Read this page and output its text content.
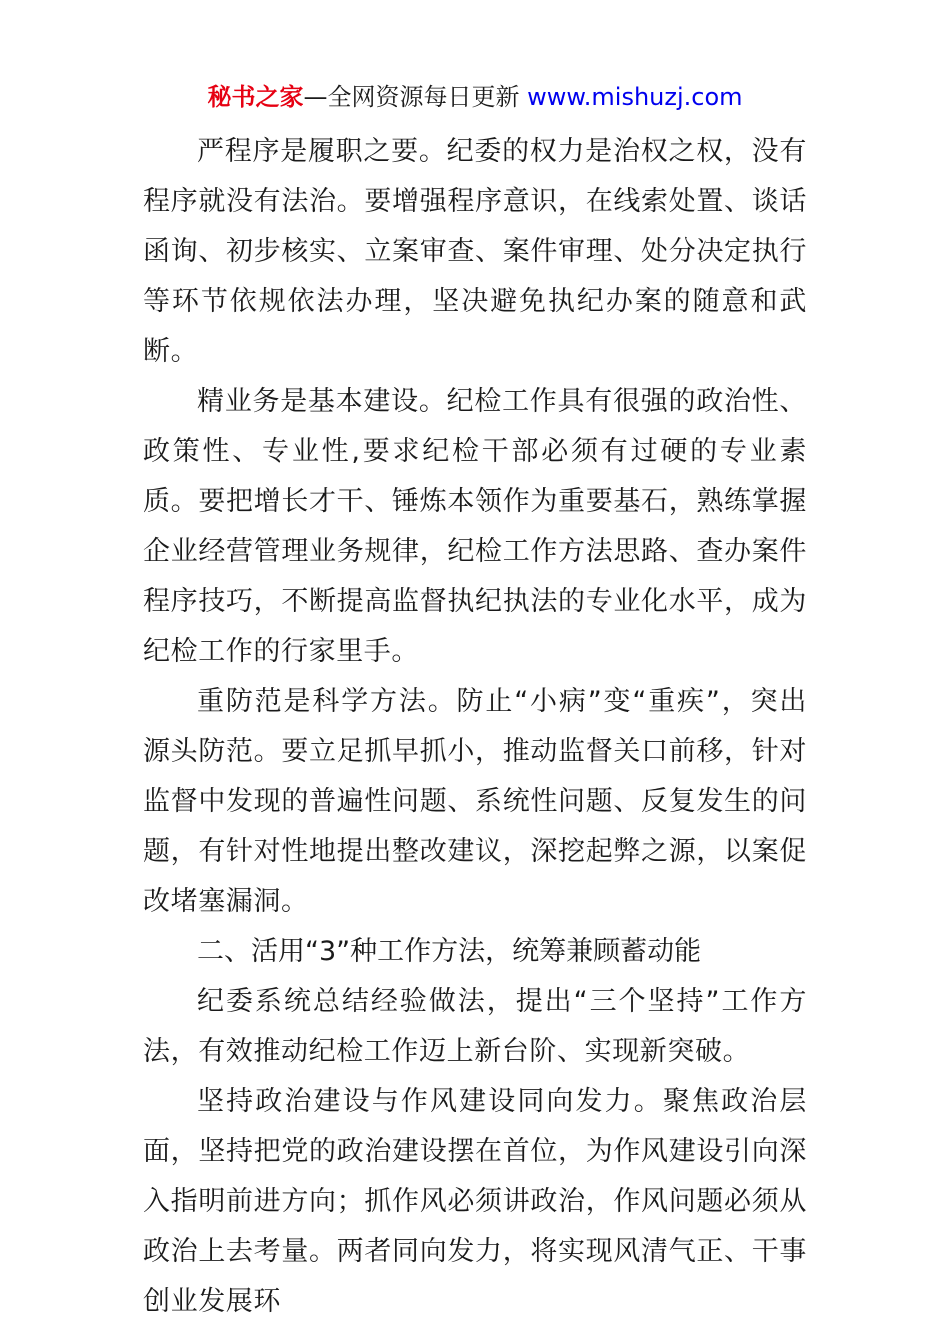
秘书之家—全网资源每日更新 www.mishuzj.com

严程序是履职之要。纪委的权力是治权之权，没有程序就没有法治。要增强程序意识，在线索处置、谈话函询、初步核实、立案审查、案件审理、处分决定执行等环节依规依法办理，坚决避免执纪办案的随意和武断。

精业务是基本建设。纪检工作具有很强的政治性、政策性、专业性,要求纪检干部必须有过硬的专业素质。要把增长才干、锤炼本领作为重要基石，熟练掌握企业经营管理业务规律，纪检工作方法思路、查办案件程序技巧，不断提高监督执纪执法的专业化水平，成为纪检工作的行家里手。

重防范是科学方法。防止“小病”变“重疾”，突出源头防范。要立足抓早抓小，推动监督关口前移，针对监督中发现的普遍性问题、系统性问题、反复发生的问题，有针对性地提出整改建议，深挖起弊之源，以案促改堵塞漏洞。

二、活用“3”种工作方法，统筹兼顾蓄动能

纪委系统总结经验做法，提出“三个坚持”工作方法，有效推动纪检工作迈上新台阶、实现新突破。

坚持政治建设与作风建设同向发力。聚焦政治层面，坚持把党的政治建设摆在首位，为作风建设引向深入指明前进方向；抓作风必须讲政治，作风问题必须从政治上去考量。两者同向发力，将实现风清气正、干事创业发展环
